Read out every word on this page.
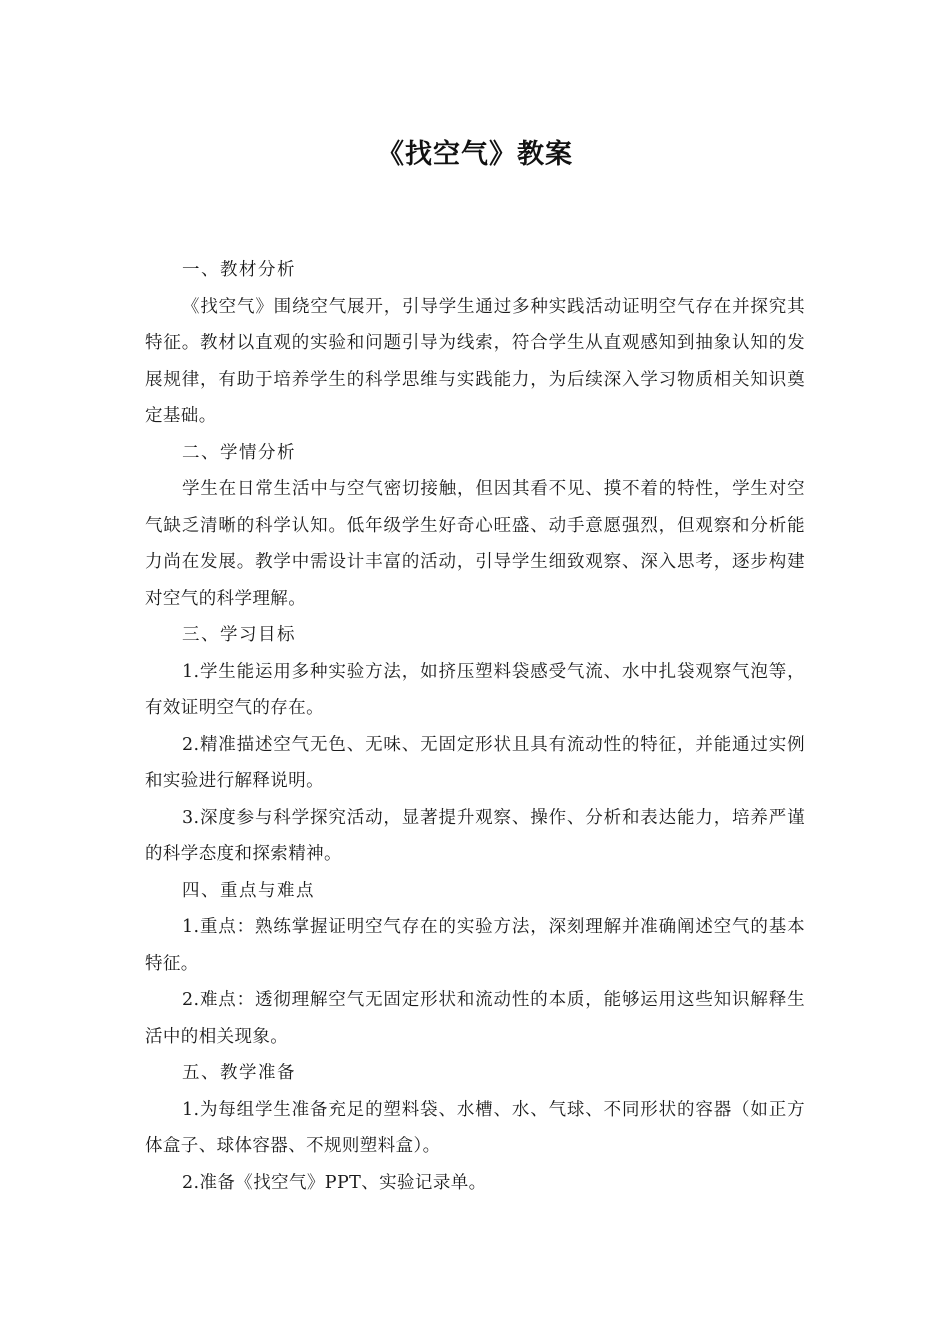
《找空气》教案

一、教材分析

《找空气》围绕空气展开，引导学生通过多种实践活动证明空气存在并探究其特征。教材以直观的实验和问题引导为线索，符合学生从直观感知到抽象认知的发展规律，有助于培养学生的科学思维与实践能力，为后续深入学习物质相关知识奠定基础。

二、学情分析

学生在日常生活中与空气密切接触，但因其看不见、摸不着的特性，学生对空气缺乏清晰的科学认知。低年级学生好奇心旺盛、动手意愿强烈，但观察和分析能力尚在发展。教学中需设计丰富的活动，引导学生细致观察、深入思考，逐步构建对空气的科学理解。

三、学习目标

1.学生能运用多种实验方法，如挤压塑料袋感受气流、水中扎袋观察气泡等，有效证明空气的存在。

2.精准描述空气无色、无味、无固定形状且具有流动性的特征，并能通过实例和实验进行解释说明。

3.深度参与科学探究活动，显著提升观察、操作、分析和表达能力，培养严谨的科学态度和探索精神。

四、重点与难点

1.重点：熟练掌握证明空气存在的实验方法，深刻理解并准确阐述空气的基本特征。

2.难点：透彻理解空气无固定形状和流动性的本质，能够运用这些知识解释生活中的相关现象。

五、教学准备

1.为每组学生准备充足的塑料袋、水槽、水、气球、不同形状的容器（如正方体盒子、球体容器、不规则塑料盒）。

2.准备《找空气》PPT、实验记录单。
